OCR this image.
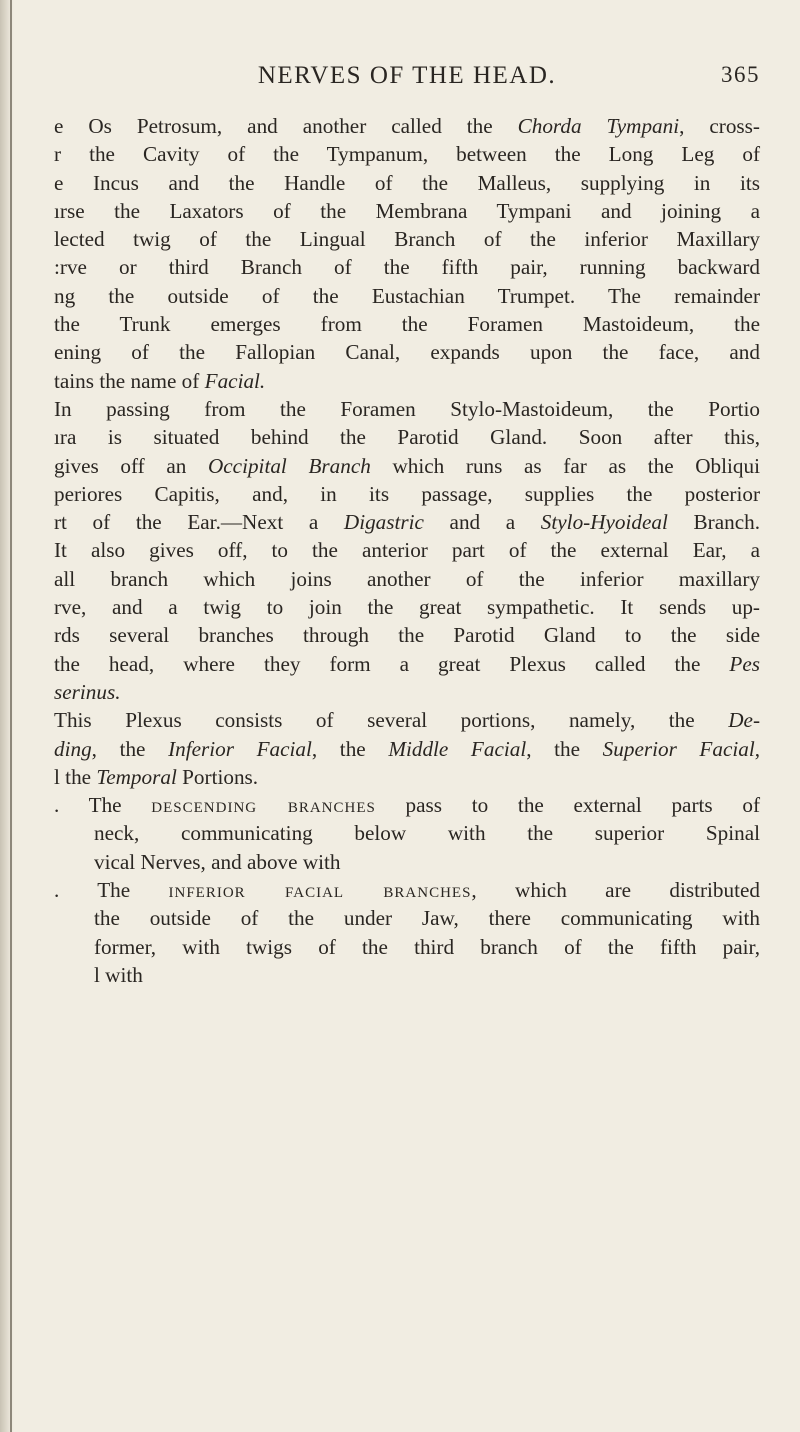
NERVES OF THE HEAD.	365
e Os Petrosum, and another called the Chorda Tympani, cross-
r the Cavity of the Tympanum, between the Long Leg of
e Incus and the Handle of the Malleus, supplying in its
ırse the Laxators of the Membrana Tympani and joining a
lected twig of the Lingual Branch of the inferior Maxillary
:rve or third Branch of the fifth pair, running backward
ng the outside of the Eustachian Trumpet. The remainder
the Trunk emerges from the Foramen Mastoideum, the
ening of the Fallopian Canal, expands upon the face, and
tains the name of Facial.
In passing from the Foramen Stylo-Mastoideum, the Portio
ıra is situated behind the Parotid Gland. Soon after this,
gives off an Occipital Branch which runs as far as the Obliqui
periores Capitis, and, in its passage, supplies the posterior
rt of the Ear.—Next a Digastric and a Stylo-Hyoideal Branch.
It also gives off, to the anterior part of the external Ear, a
all branch which joins another of the inferior maxillary
rve, and a twig to join the great sympathetic. It sends up-
rds several branches through the Parotid Gland to the side
the head, where they form a great Plexus called the Pes
serinus.
This Plexus consists of several portions, namely, the De-
ding, the Inferior Facial, the Middle Facial, the Superior Facial,
l the Temporal Portions.
. The descending branches pass to the external parts of
neck, communicating below with the superior Spinal
vical Nerves, and above with
. The inferior facial branches, which are distributed
the outside of the under Jaw, there communicating with
former, with twigs of the third branch of the fifth pair,
l with
